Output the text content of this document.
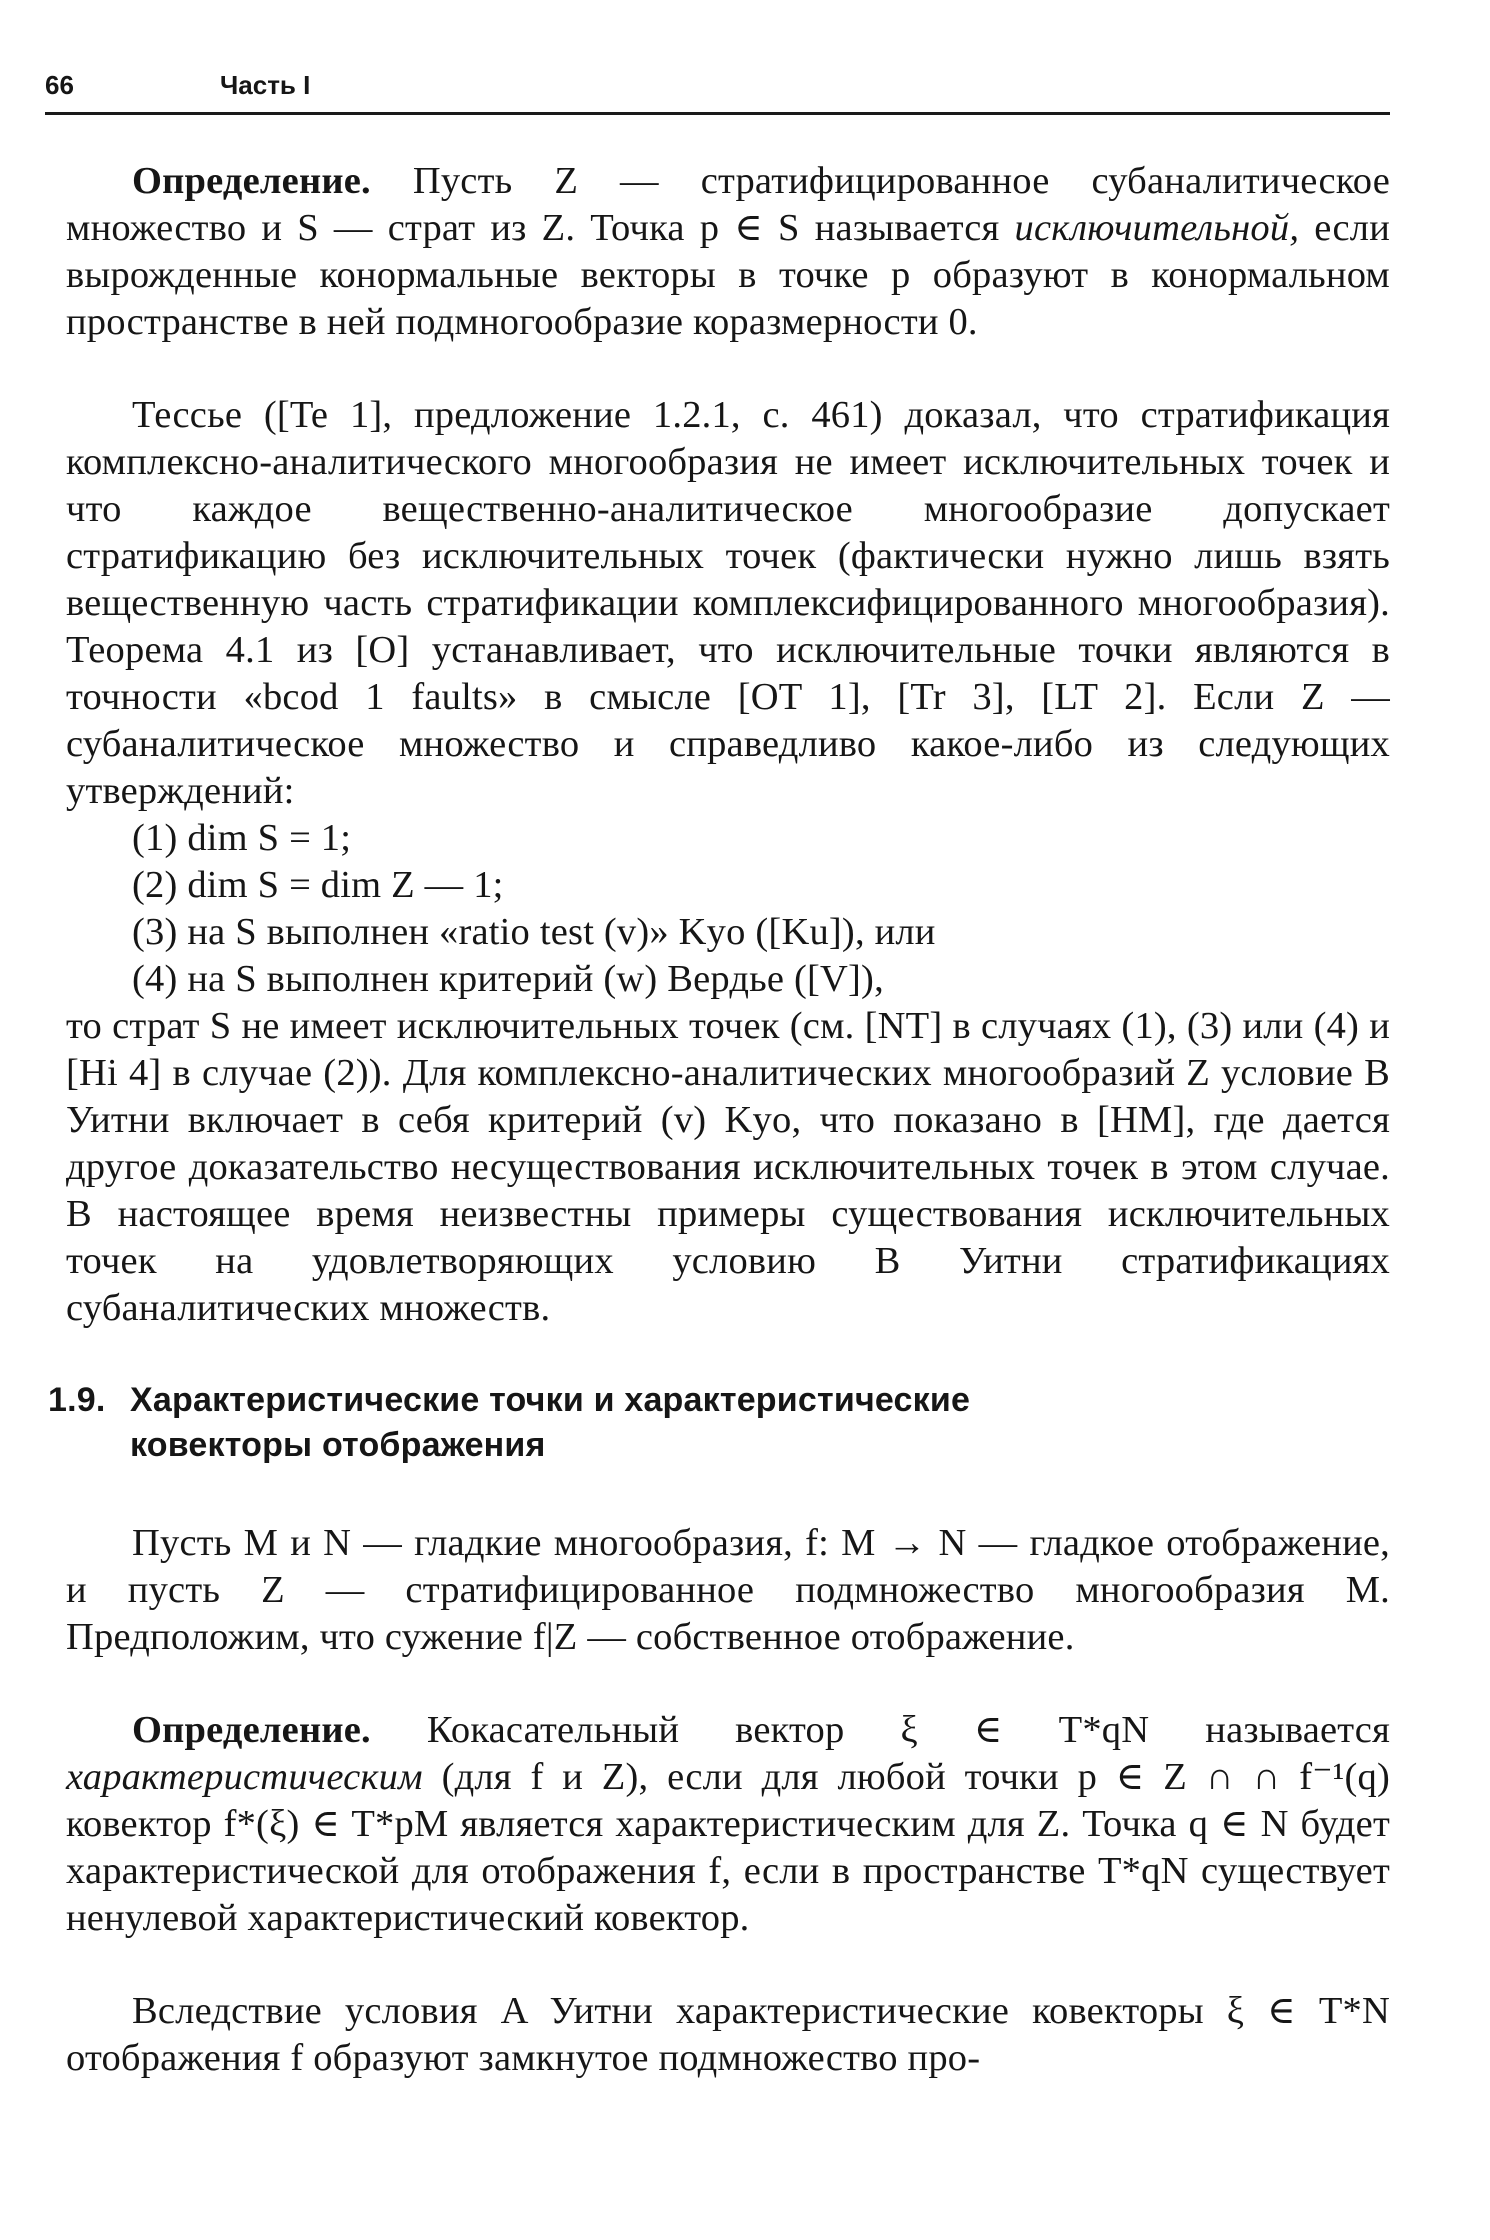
66	Часть I

Определение. Пусть Z — стратифицированное субаналитическое множество и S — страт из Z. Точка p ∈ S называется исключительной, если вырожденные конормальные векторы в точке p образуют в конормальном пространстве в ней подмногообразие коразмерности 0.

Тессье ([Te 1], предложение 1.2.1, с. 461) доказал, что стратификация комплексно-аналитического многообразия не имеет исключительных точек и что каждое вещественно-аналитическое многообразие допускает стратификацию без исключительных точек (фактически нужно лишь взять вещественную часть стратификации комплексифицированного многообразия). Теорема 4.1 из [O] устанавливает, что исключительные точки являются в точности «bcod 1 faults» в смысле [OT 1], [Tr 3], [LT 2]. Если Z — субаналитическое множество и справедливо какое-либо из следующих утверждений:

(1) dim S = 1;
(2) dim S = dim Z — 1;
(3) на S выполнен «ratio test (v)» Kyo ([Ku]), или
(4) на S выполнен критерий (w) Вердье ([V]),

то страт S не имеет исключительных точек (см. [NT] в случаях (1), (3) или (4) и [Hi 4] в случае (2)). Для комплексно-аналитических многообразий Z условие B Уитни включает в себя критерий (v) Kyo, что показано в [HM], где дается другое доказательство несуществования исключительных точек в этом случае. В настоящее время неизвестны примеры существования исключительных точек на удовлетворяющих условию B Уитни стратификациях субаналитических множеств.

1.9. Характеристические точки и характеристические
ковекторы отображения

Пусть M и N — гладкие многообразия, f: M → N — гладкое отображение, и пусть Z — стратифицированное подмножество многообразия M. Предположим, что сужение f|Z — собственное отображение.

Определение. Кокасательный вектор ξ ∈ T*qN называется характеристическим (для f и Z), если для любой точки p ∈ Z ∩ ∩ f⁻¹(q) ковектор f*(ξ) ∈ T*pM является характеристическим для Z. Точка q ∈ N будет характеристической для отображения f, если в пространстве T*qN существует ненулевой характеристический ковектор.

Вследствие условия A Уитни характеристические ковекторы ξ ∈ T*N отображения f образуют замкнутое подмножество про-
